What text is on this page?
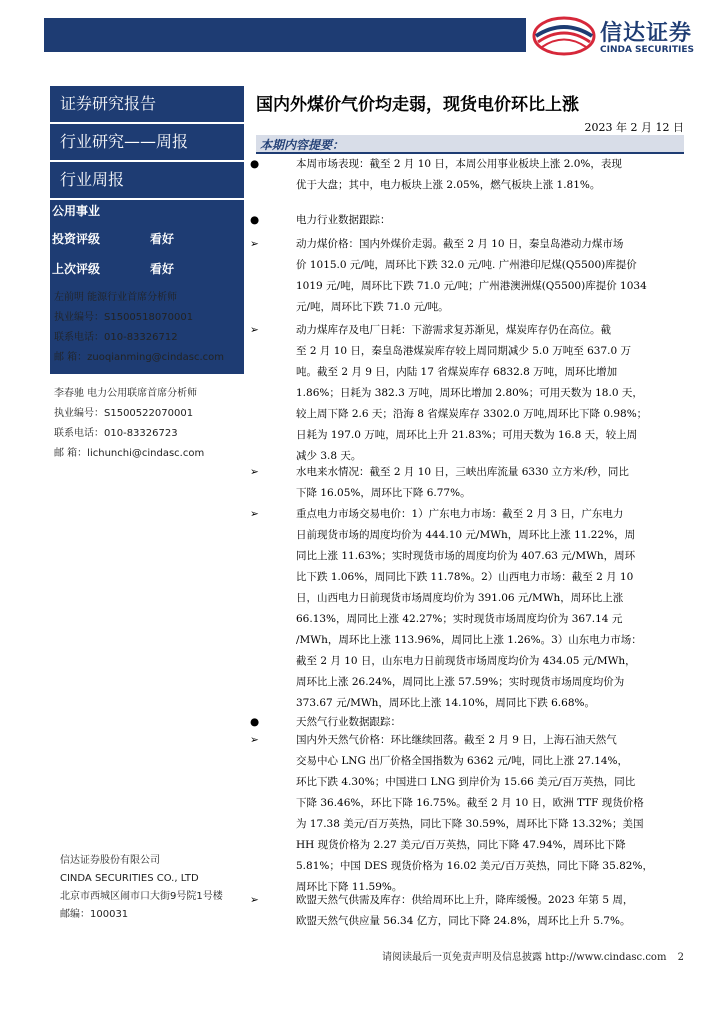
信达证券
CINDA SECURITIES
证券研究报告
行业研究——周报
行业周报
公用事业
投资评级	看好
上次评级	看好
左前明 能源行业首席分析师
执业编号：S1500518070001
联系电话：010-83326712
邮 箱：zuoqianming@cindasc.com
李春驰 电力公用联席首席分析师
执业编号：S1500522070001
联系电话：010-83326723
邮 箱：lichunchi@cindasc.com
信达证券股份有限公司
CINDA SECURITIES CO., LTD
北京市西城区闹市口大街9号院1号楼
邮编：100031
国内外煤价气价均走弱，现货电价环比上涨
2023 年 2 月 12 日
本期内容提要：
●	本周市场表现：截至 2 月 10 日，本周公用事业板块上涨 2.0%，表现
优于大盘；其中，电力板块上涨 2.05%，燃气板块上涨 1.81%。
●	电力行业数据跟踪：
➢	动力煤价格：国内外煤价走弱。截至 2 月 10 日，秦皇岛港动力煤市场
价 1015.0 元/吨，周环比下跌 32.0 元/吨. 广州港印尼煤(Q5500)库提价
1019 元/吨，周环比下跌 71.0 元/吨；广州港澳洲煤(Q5500)库提价 1034
元/吨，周环比下跌 71.0 元/吨。
➢	动力煤库存及电厂日耗：下游需求复苏渐见，煤炭库存仍在高位。截
至 2 月 10 日，秦皇岛港煤炭库存较上周同期减少 5.0 万吨至 637.0 万
吨。截至 2 月 9 日，内陆 17 省煤炭库存 6832.8 万吨，周环比增加
1.86%；日耗为 382.3 万吨，周环比增加 2.80%；可用天数为 18.0 天，
较上周下降 2.6 天；沿海 8 省煤炭库存 3302.0 万吨,周环比下降 0.98%；
日耗为 197.0 万吨，周环比上升 21.83%；可用天数为 16.8 天，较上周
减少 3.8 天。
➢	水电来水情况：截至 2 月 10 日，三峡出库流量 6330 立方米/秒，同比
下降 16.05%，周环比下降 6.77%。
➢	重点电力市场交易电价：1）广东电力市场：截至 2 月 3 日，广东电力
日前现货市场的周度均价为 444.10 元/MWh，周环比上涨 11.22%，周
同比上涨 11.63%；实时现货市场的周度均价为 407.63 元/MWh，周环
比下跌 1.06%，周同比下跌 11.78%。2）山西电力市场：截至 2 月 10
日，山西电力日前现货市场周度均价为 391.06 元/MWh，周环比上涨
66.13%，周同比上涨 42.27%；实时现货市场周度均价为 367.14 元
/MWh，周环比上涨 113.96%，周同比上涨 1.26%。3）山东电力市场：
截至 2 月 10 日，山东电力日前现货市场周度均价为 434.05 元/MWh，
周环比上涨 26.24%，周同比上涨 57.59%；实时现货市场周度均价为
373.67 元/MWh，周环比上涨 14.10%，周同比下跌 6.68%。
●	天然气行业数据跟踪：
➢	国内外天然气价格：环比继续回落。截至 2 月 9 日，上海石油天然气
交易中心 LNG 出厂价格全国指数为 6362 元/吨，同比上涨 27.14%，
环比下跌 4.30%；中国进口 LNG 到岸价为 15.66 美元/百万英热，同比
下降 36.46%，环比下降 16.75%。截至 2 月 10 日，欧洲 TTF 现货价格
为 17.38 美元/百万英热，同比下降 30.59%，周环比下降 13.32%；美国
HH 现货价格为 2.27 美元/百万英热，同比下降 47.94%，周环比下降
5.81%；中国 DES 现货价格为 16.02 美元/百万英热，同比下降 35.82%，
周环比下降 11.59%。
➢	欧盟天然气供需及库存：供给周环比上升，降库缓慢。2023 年第 5 周，
欧盟天然气供应量 56.34 亿方，同比下降 24.8%，周环比上升 5.7%。
请阅读最后一页免责声明及信息披露 http://www.cindasc.com 2
